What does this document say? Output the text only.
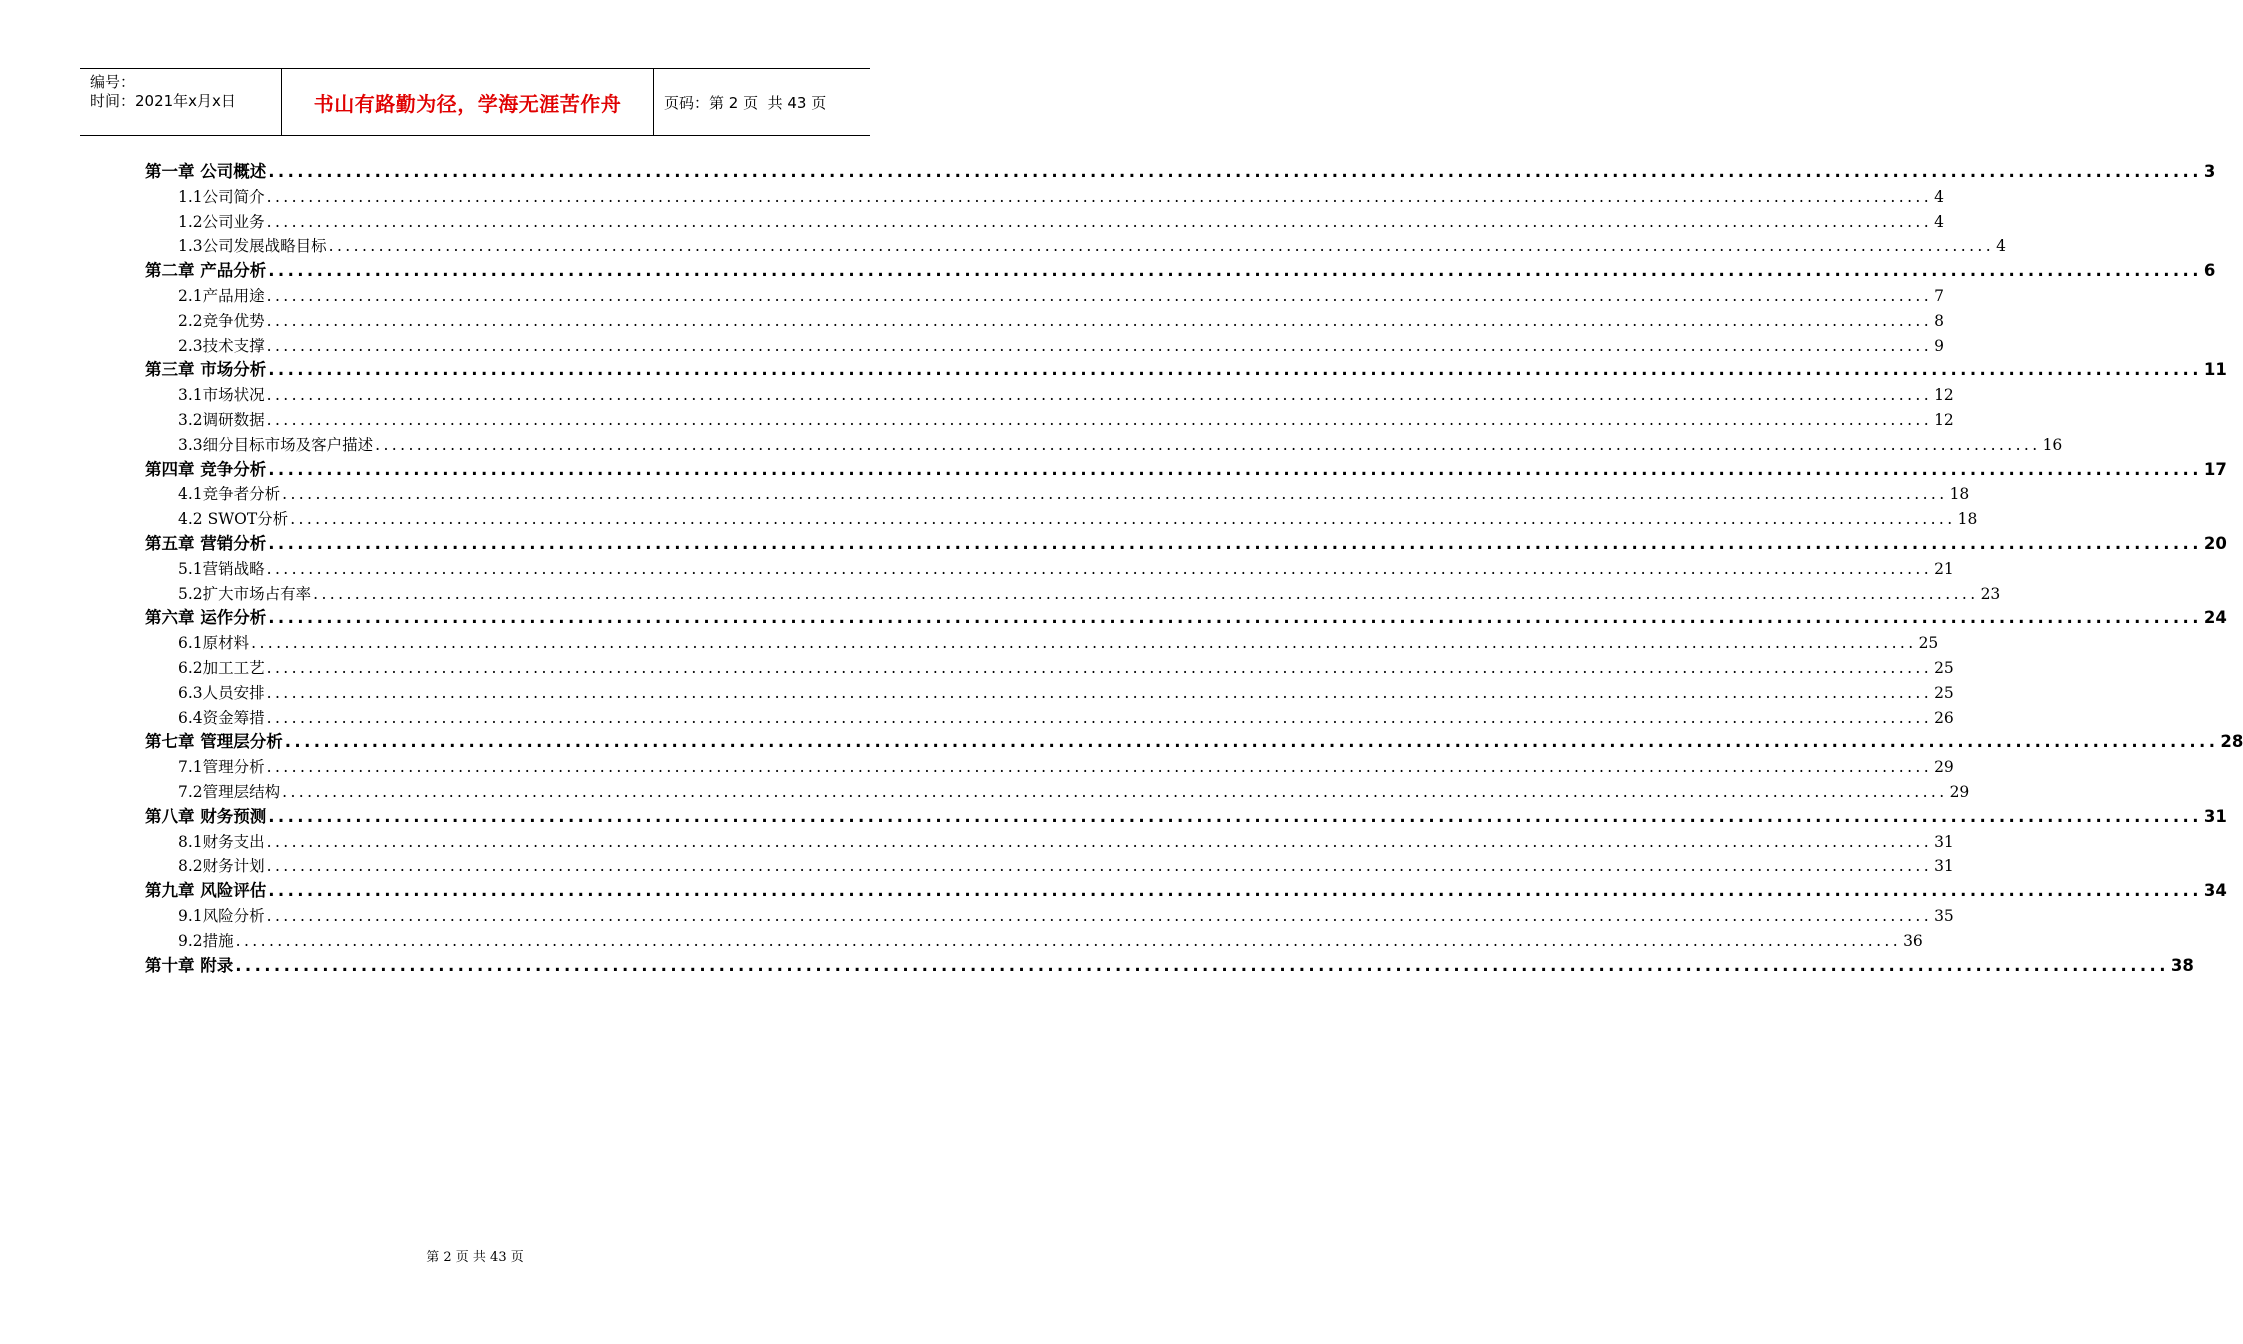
编号：
时间：2021年x月x日	书山有路勤为径，学海无涯苦作舟	页码：第 2 页  共 43 页
第一章 公司概述 ........................................................................................................................................................................................................ 3
1.1公司简介 ........................................................................................................................................................................................................ 4
1.2公司业务 ........................................................................................................................................................................................................ 4
1.3公司发展战略目标 ........................................................................................................................................................................................................ 4
第二章 产品分析 ........................................................................................................................................................................................................ 6
2.1产品用途 ........................................................................................................................................................................................................ 7
2.2竞争优势 ........................................................................................................................................................................................................ 8
2.3技术支撑 ........................................................................................................................................................................................................ 9
第三章 市场分析 ........................................................................................................................................................................................................ 11
3.1市场状况 ........................................................................................................................................................................................................ 12
3.2调研数据 ........................................................................................................................................................................................................ 12
3.3细分目标市场及客户描述 ........................................................................................................................................................................................................ 16
第四章 竞争分析 ........................................................................................................................................................................................................ 17
4.1竞争者分析 ........................................................................................................................................................................................................ 18
4.2 SWOT分析 ........................................................................................................................................................................................................ 18
第五章 营销分析 ........................................................................................................................................................................................................ 20
5.1营销战略 ........................................................................................................................................................................................................ 21
5.2扩大市场占有率 ........................................................................................................................................................................................................ 23
第六章 运作分析 ........................................................................................................................................................................................................ 24
6.1原材料 ........................................................................................................................................................................................................ 25
6.2加工工艺 ........................................................................................................................................................................................................ 25
6.3人员安排 ........................................................................................................................................................................................................ 25
6.4资金筹措 ........................................................................................................................................................................................................ 26
第七章 管理层分析 ........................................................................................................................................................................................................ 28
7.1管理分析 ........................................................................................................................................................................................................ 29
7.2管理层结构 ........................................................................................................................................................................................................ 29
第八章 财务预测 ........................................................................................................................................................................................................ 31
8.1财务支出 ........................................................................................................................................................................................................ 31
8.2财务计划 ........................................................................................................................................................................................................ 31
第九章 风险评估 ........................................................................................................................................................................................................ 34
9.1风险分析 ........................................................................................................................................................................................................ 35
9.2措施 ........................................................................................................................................................................................................ 36
第十章 附录 ........................................................................................................................................................................................................ 38
第 2 页 共 43 页
